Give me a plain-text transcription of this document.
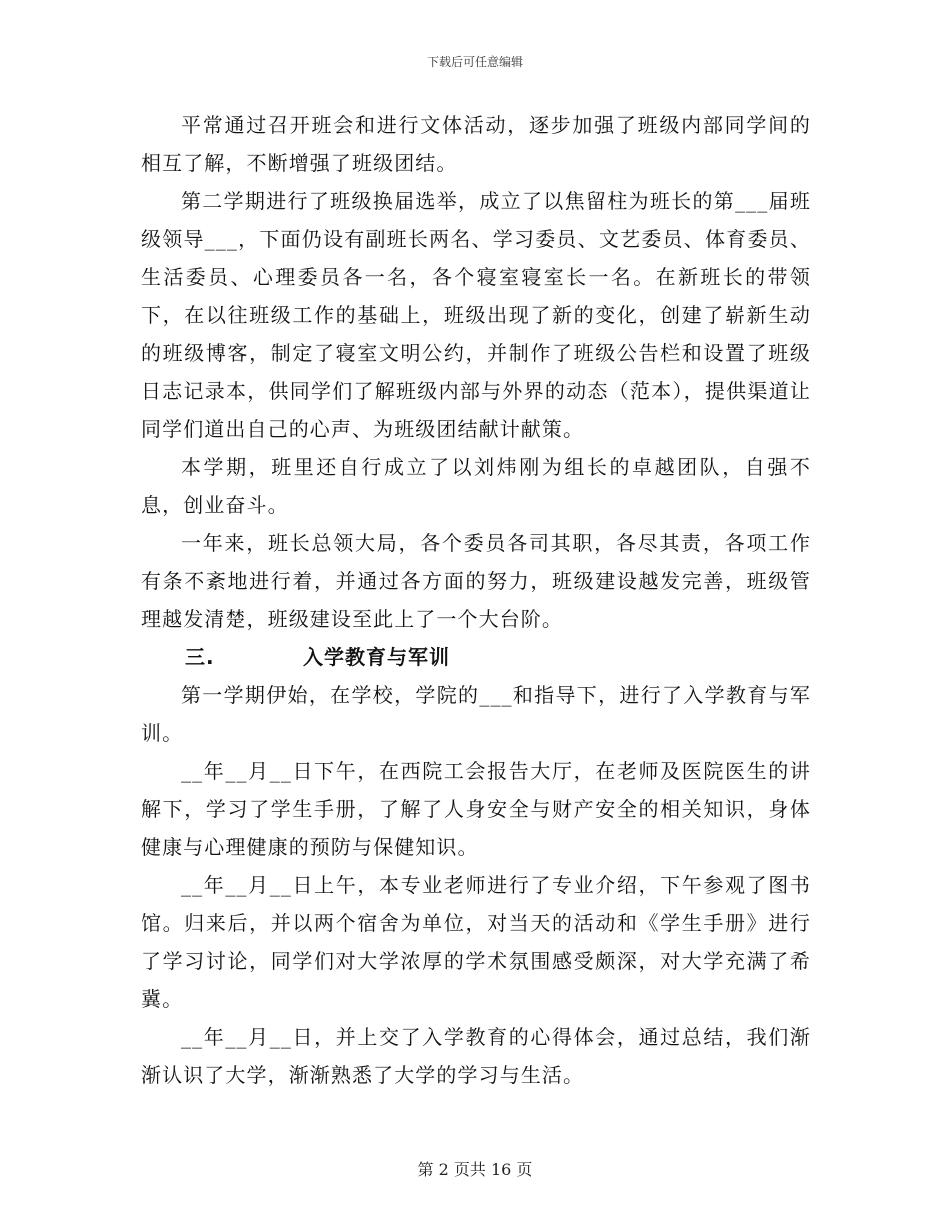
下载后可任意编辑

平常通过召开班会和进行文体活动，逐步加强了班级内部同学间的相互了解，不断增强了班级团结。

第二学期进行了班级换届选举，成立了以焦留柱为班长的第___届班级领导___，下面仍设有副班长两名、学习委员、文艺委员、体育委员、生活委员、心理委员各一名，各个寝室寝室长一名。在新班长的带领下，在以往班级工作的基础上，班级出现了新的变化，创建了崭新生动的班级博客，制定了寝室文明公约，并制作了班级公告栏和设置了班级日志记录本，供同学们了解班级内部与外界的动态（范本），提供渠道让同学们道出自己的心声、为班级团结献计献策。

本学期，班里还自行成立了以刘炜刚为组长的卓越团队，自强不息，创业奋斗。

一年来，班长总领大局，各个委员各司其职，各尽其责，各项工作有条不紊地进行着，并通过各方面的努力，班级建设越发完善，班级管理越发清楚，班级建设至此上了一个大台阶。

三.	入学教育与军训

第一学期伊始，在学校，学院的___和指导下，进行了入学教育与军训。

__年__月__日下午，在西院工会报告大厅，在老师及医院医生的讲解下，学习了学生手册，了解了人身安全与财产安全的相关知识，身体健康与心理健康的预防与保健知识。

__年__月__日上午，本专业老师进行了专业介绍，下午参观了图书馆。归来后，并以两个宿舍为单位，对当天的活动和《学生手册》进行了学习讨论，同学们对大学浓厚的学术氛围感受颇深，对大学充满了希冀。

__年__月__日，并上交了入学教育的心得体会，通过总结，我们渐渐认识了大学，渐渐熟悉了大学的学习与生活。

第 2 页共 16 页
